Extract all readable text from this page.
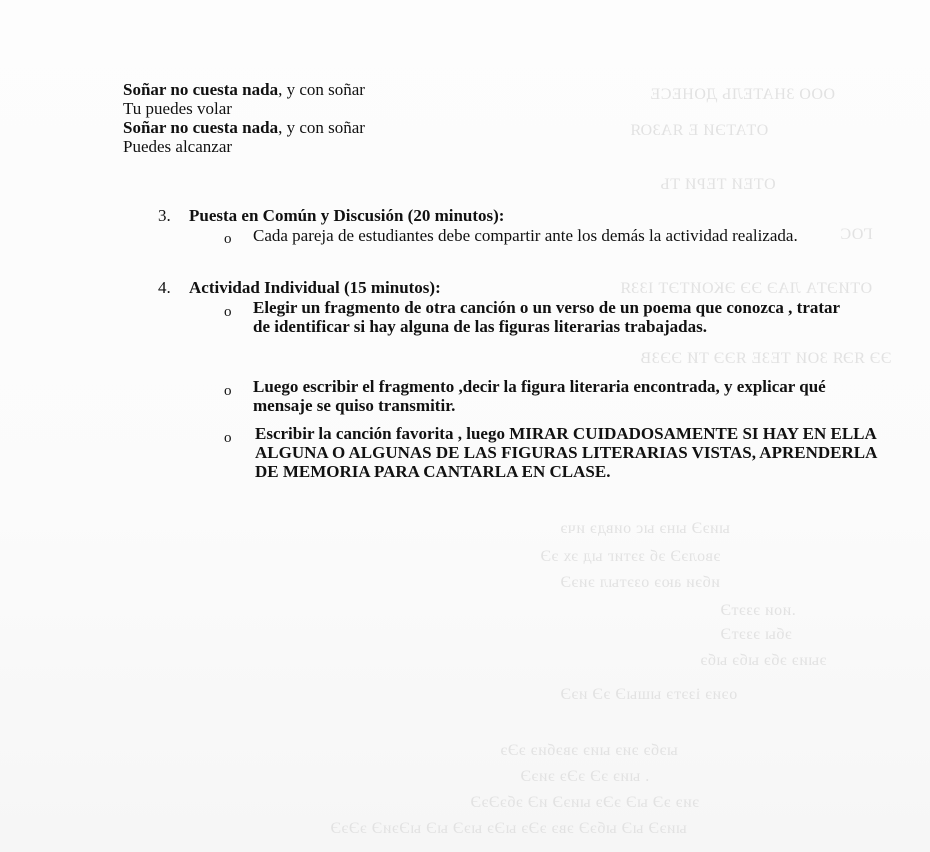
ООО ЗНАТЕЛЬ ДОНЕСЕ
ОТАТЭИ Е ЯАЗОЯ
ОТЕИ ТЕРИ ТЬ
ГОС
ОТИЭТА ЛАЭ ЭЭ ЭКОИТЭТ ІЗЗЯ
ЭЭ ЯЭЯ ЗОИ ТЕЗЕ ЯЭЭ ТИ ЭЭЗВ
ыиэЭ ынэ ыс оивдэ ичэ
эволэЭ эб зэтиг ыд эх эЭ
ибэи аюэ озэтыл эиэЭ
.иои эзэтЭ
эбы эзэтЭ
эыиэ эбэ ыбэ ыбэ
оэиэ ізэтэ ышыЭ эЭ иэЭ
ыэбэ эиэ ыиэ эвэбиэ эЭэ
. ыиэ эЭ эЭэ эиэЭ
эиэ эЭ ыЭ эЭэ ыиэЭ иЭ эбэЭэЭ
ыиэЭ ыЭ ыбэЭ эвэ эЭэ ыЭэ ыэЭ ыЭ ыЭэиЭ эЭэЭ
Soñar no cuesta nada, y con soñar
Tu puedes volar
Soñar no cuesta nada, y con soñar
Puedes alcanzar
3. Puesta en Común y Discusión (20 minutos):
o Cada pareja de estudiantes debe compartir ante los demás la actividad realizada.
4. Actividad Individual (15 minutos):
o Elegir un fragmento de otra canción o un verso de un poema que conozca , tratar de identificar si hay alguna de las figuras literarias trabajadas.
o Luego escribir el fragmento ,decir la figura literaria encontrada, y explicar qué mensaje se quiso transmitir.
o Escribir la canción favorita , luego MIRAR CUIDADOSAMENTE SI HAY EN ELLA ALGUNA O ALGUNAS DE LAS FIGURAS LITERARIAS VISTAS, APRENDERLA DE MEMORIA PARA CANTARLA EN CLASE.
